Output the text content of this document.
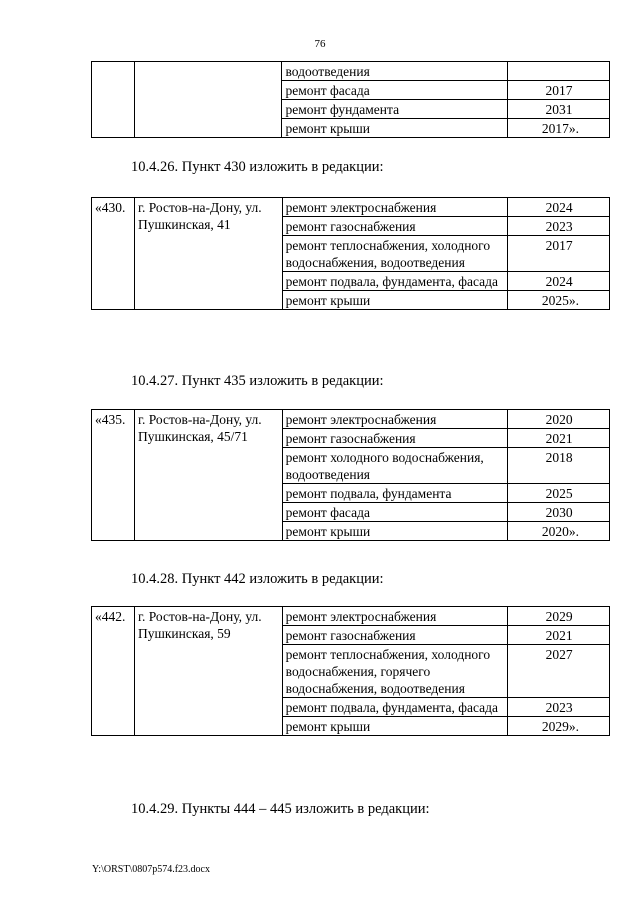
76
		водоотведения	
		ремонт фасада	2017
		ремонт фундамента	2031
		ремонт крыши	2017».
10.4.26. Пункт 430 изложить в редакции:
«430.	г. Ростов-на-Дону, ул. Пушкинская, 41	ремонт электроснабжения	2024
		ремонт газоснабжения	2023
		ремонт теплоснабжения, холодного водоснабжения, водоотведения	2017
		ремонт подвала, фундамента, фасада	2024
		ремонт крыши	2025».
10.4.27. Пункт 435 изложить в редакции:
«435.	г. Ростов-на-Дону, ул. Пушкинская, 45/71	ремонт электроснабжения	2020
		ремонт газоснабжения	2021
		ремонт холодного водоснабжения, водоотведения	2018
		ремонт подвала, фундамента	2025
		ремонт фасада	2030
		ремонт крыши	2020».
10.4.28. Пункт 442 изложить в редакции:
«442.	г. Ростов-на-Дону, ул. Пушкинская, 59	ремонт электроснабжения	2029
		ремонт газоснабжения	2021
		ремонт теплоснабжения, холодного водоснабжения, горячего водоснабжения, водоотведения	2027
		ремонт подвала, фундамента, фасада	2023
		ремонт крыши	2029».
10.4.29. Пункты 444 – 445 изложить в редакции:
Y:\ORST\0807p574.f23.docx
